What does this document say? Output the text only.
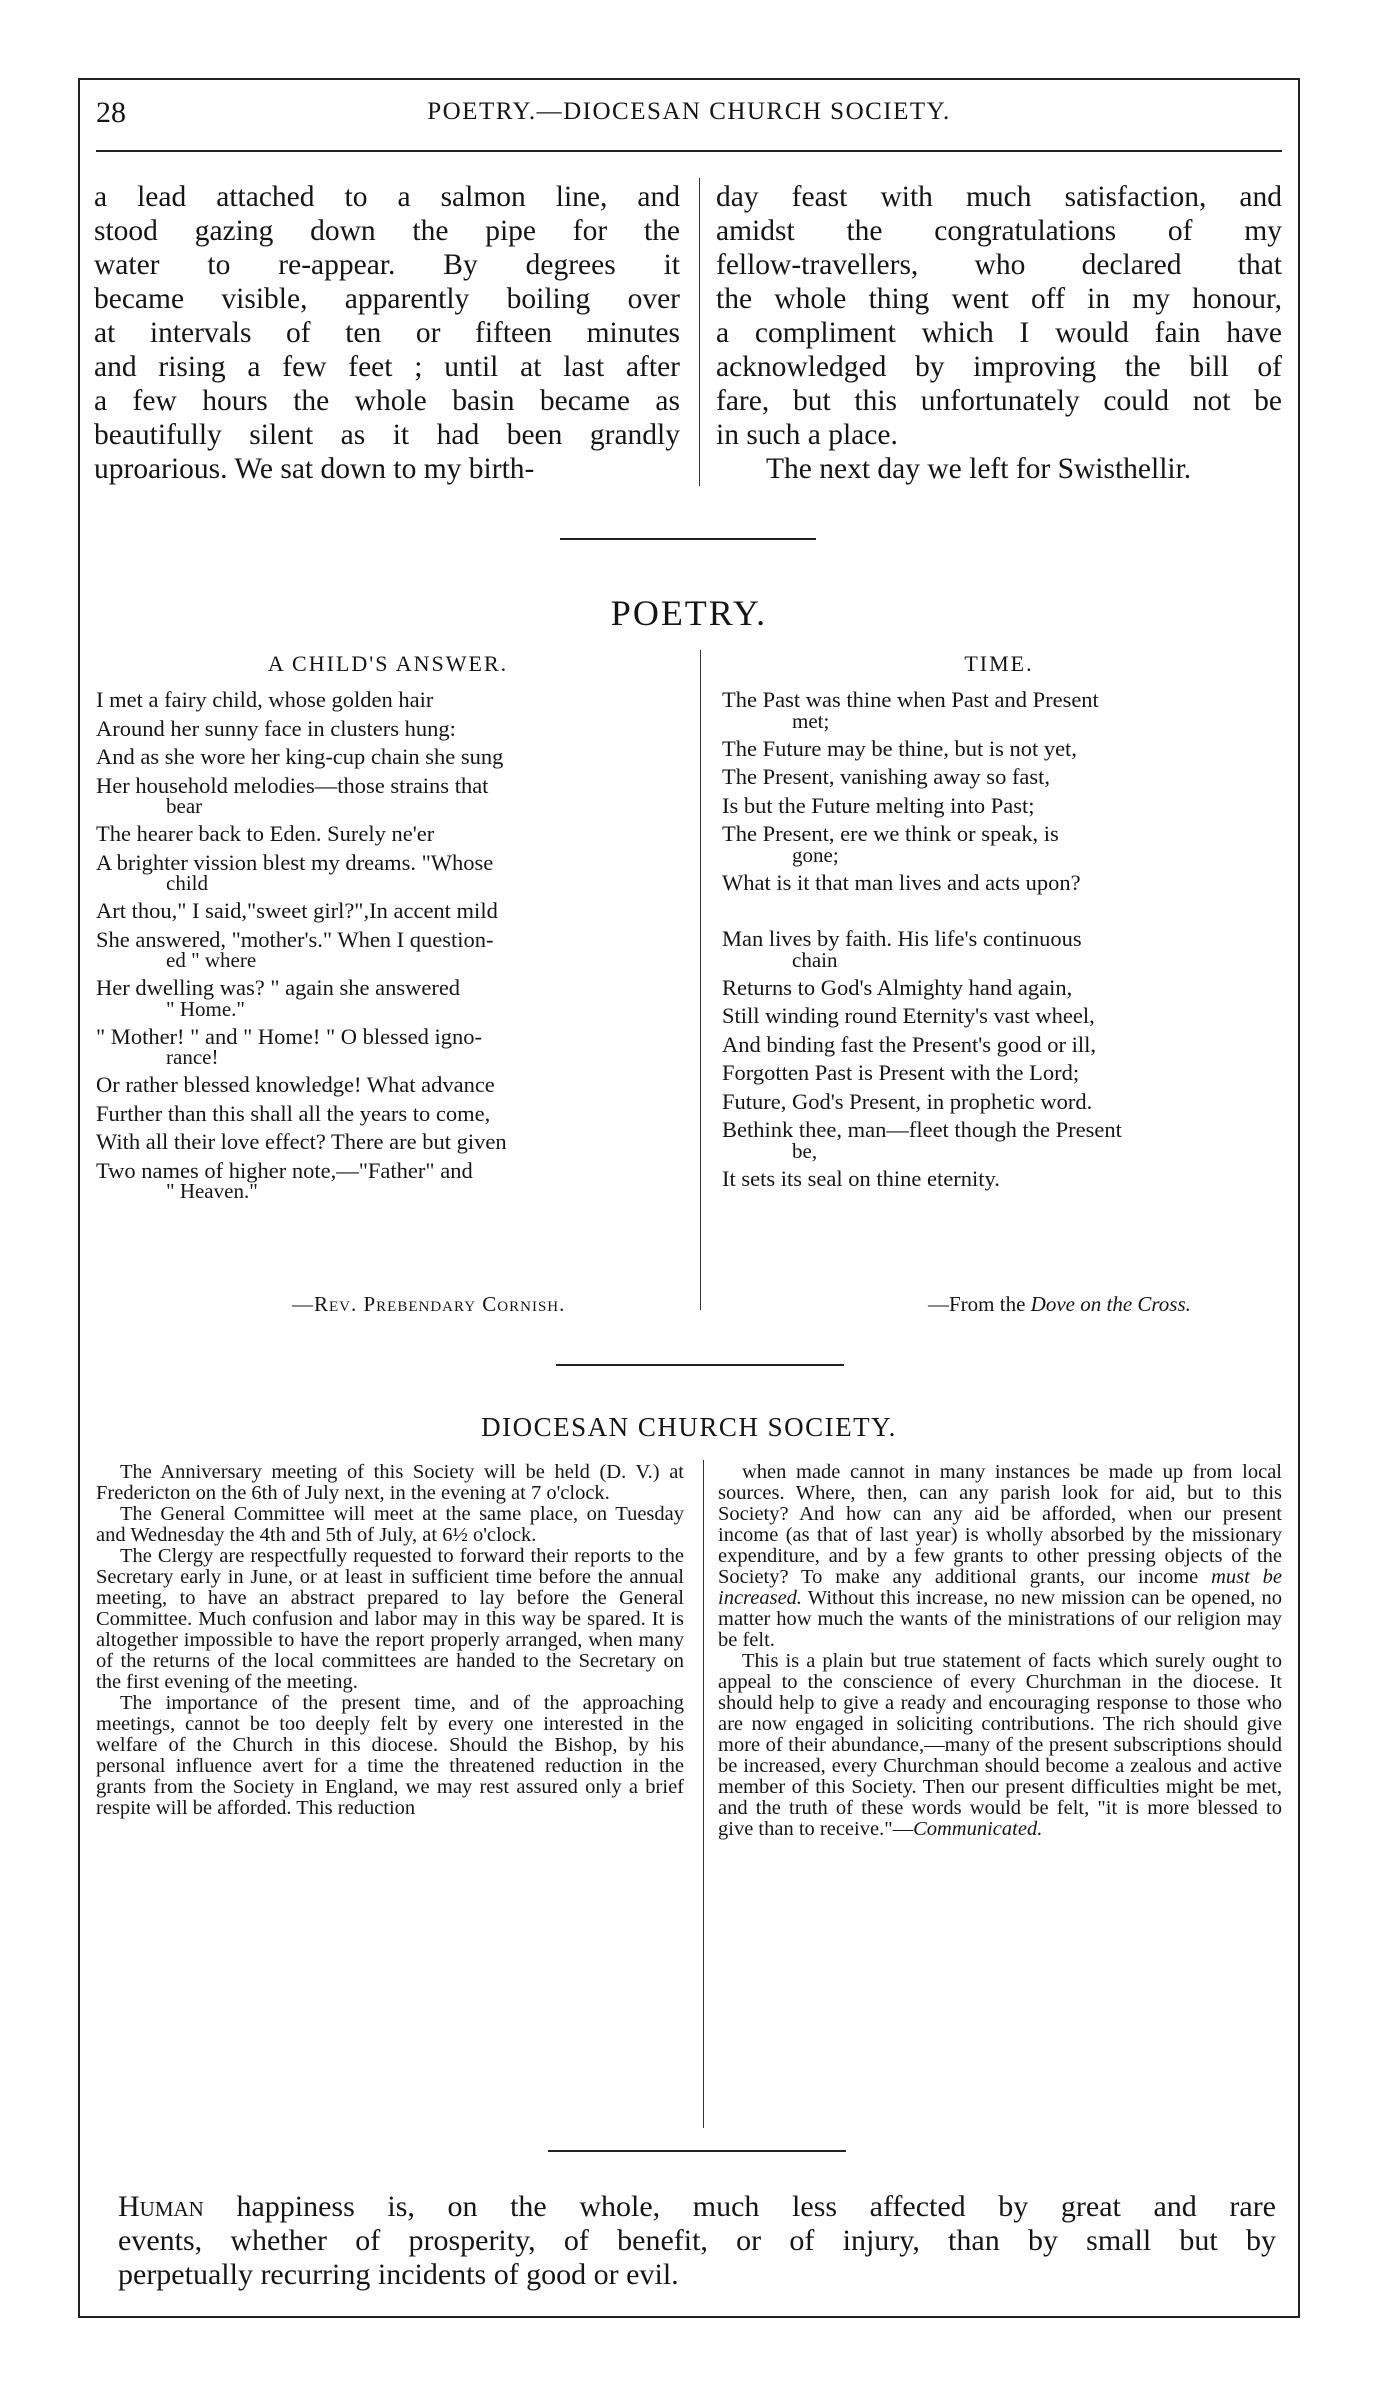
28	POETRY.—DIOCESAN CHURCH SOCIETY.
a lead attached to a salmon line, and
stood gazing down the pipe for the
water to re-appear. By degrees it
became visible, apparently boiling over
at intervals of ten or fifteen minutes
and rising a few feet ; until at last after
a few hours the whole basin became as
beautifully silent as it had been grandly
uproarious. We sat down to my birth-
day feast with much satisfaction, and
amidst the congratulations of my
fellow-travellers, who declared that
the whole thing went off in my honour,
a compliment which I would fain have
acknowledged by improving the bill of
fare, but this unfortunately could not be
in such a place.
The next day we left for Swisthellir.
POETRY.
A CHILD'S ANSWER.
I met a fairy child, whose golden hair
Around her sunny face in clusters hung:
And as she wore her king-cup chain she sung
Her household melodies—those strains that
bear
The hearer back to Eden. Surely ne'er
A brighter vission blest my dreams. "Whose
child
Art thou," I said,"sweet girl?",In accent mild
She answered, "mother's." When I question-
ed " where
Her dwelling was? " again she answered
" Home."
" Mother! " and " Home! " O blessed igno-
rance!
Or rather blessed knowledge! What advance
Further than this shall all the years to come,
With all their love effect? There are but given
Two names of higher note,—"Father" and
" Heaven."
—Rev. Prebendary Cornish.
TIME.
The Past was thine when Past and Present
met;
The Future may be thine, but is not yet,
The Present, vanishing away so fast,
Is but the Future melting into Past;
The Present, ere we think or speak, is
gone;
What is it that man lives and acts upon?
Man lives by faith. His life's continuous
chain
Returns to God's Almighty hand again,
Still winding round Eternity's vast wheel,
And binding fast the Present's good or ill,
Forgotten Past is Present with the Lord;
Future, God's Present, in prophetic word.
Bethink thee, man—fleet though the Present
be,
It sets its seal on thine eternity.
—From the Dove on the Cross.
DIOCESAN CHURCH SOCIETY.

The Anniversary meeting of this Society will be held (D. V.) at Fredericton on the 6th of July next, in the evening at 7 o'clock.

The General Committee will meet at the same place, on Tuesday and Wednesday the 4th and 5th of July, at 6½ o'clock.

The Clergy are respectfully requested to forward their reports to the Secretary early in June, or at least in sufficient time before the annual meeting, to have an abstract prepared to lay before the General Committee. Much confusion and labor may in this way be spared. It is altogether impossible to have the report properly arranged, when many of the returns of the local committees are handed to the Secretary on the first evening of the meeting.

The importance of the present time, and of the approaching meetings, cannot be too deeply felt by every one interested in the welfare of the Church in this diocese. Should the Bishop, by his personal influence avert for a time the threatened reduction in the grants from the Society in England, we may rest assured only a brief respite will be afforded. This reduction

when made cannot in many instances be made up from local sources. Where, then, can any parish look for aid, but to this Society? And how can any aid be afforded, when our present income (as that of last year) is wholly absorbed by the missionary expenditure, and by a few grants to other pressing objects of the Society? To make any additional grants, our income must be increased. Without this increase, no new mission can be opened, no matter how much the wants of the ministrations of our religion may be felt.

This is a plain but true statement of facts which surely ought to appeal to the conscience of every Churchman in the diocese. It should help to give a ready and encouraging response to those who are now engaged in soliciting contributions. The rich should give more of their abundance,—many of the present subscriptions should be increased, every Churchman should become a zealous and active member of this Society. Then our present difficulties might be met, and the truth of these words would be felt, "it is more blessed to give than to receive."—Communicated.

Human happiness is, on the whole, much less affected by great and rare
events, whether of prosperity, of benefit, or of injury, than by small but by
perpetually recurring incidents of good or evil.
